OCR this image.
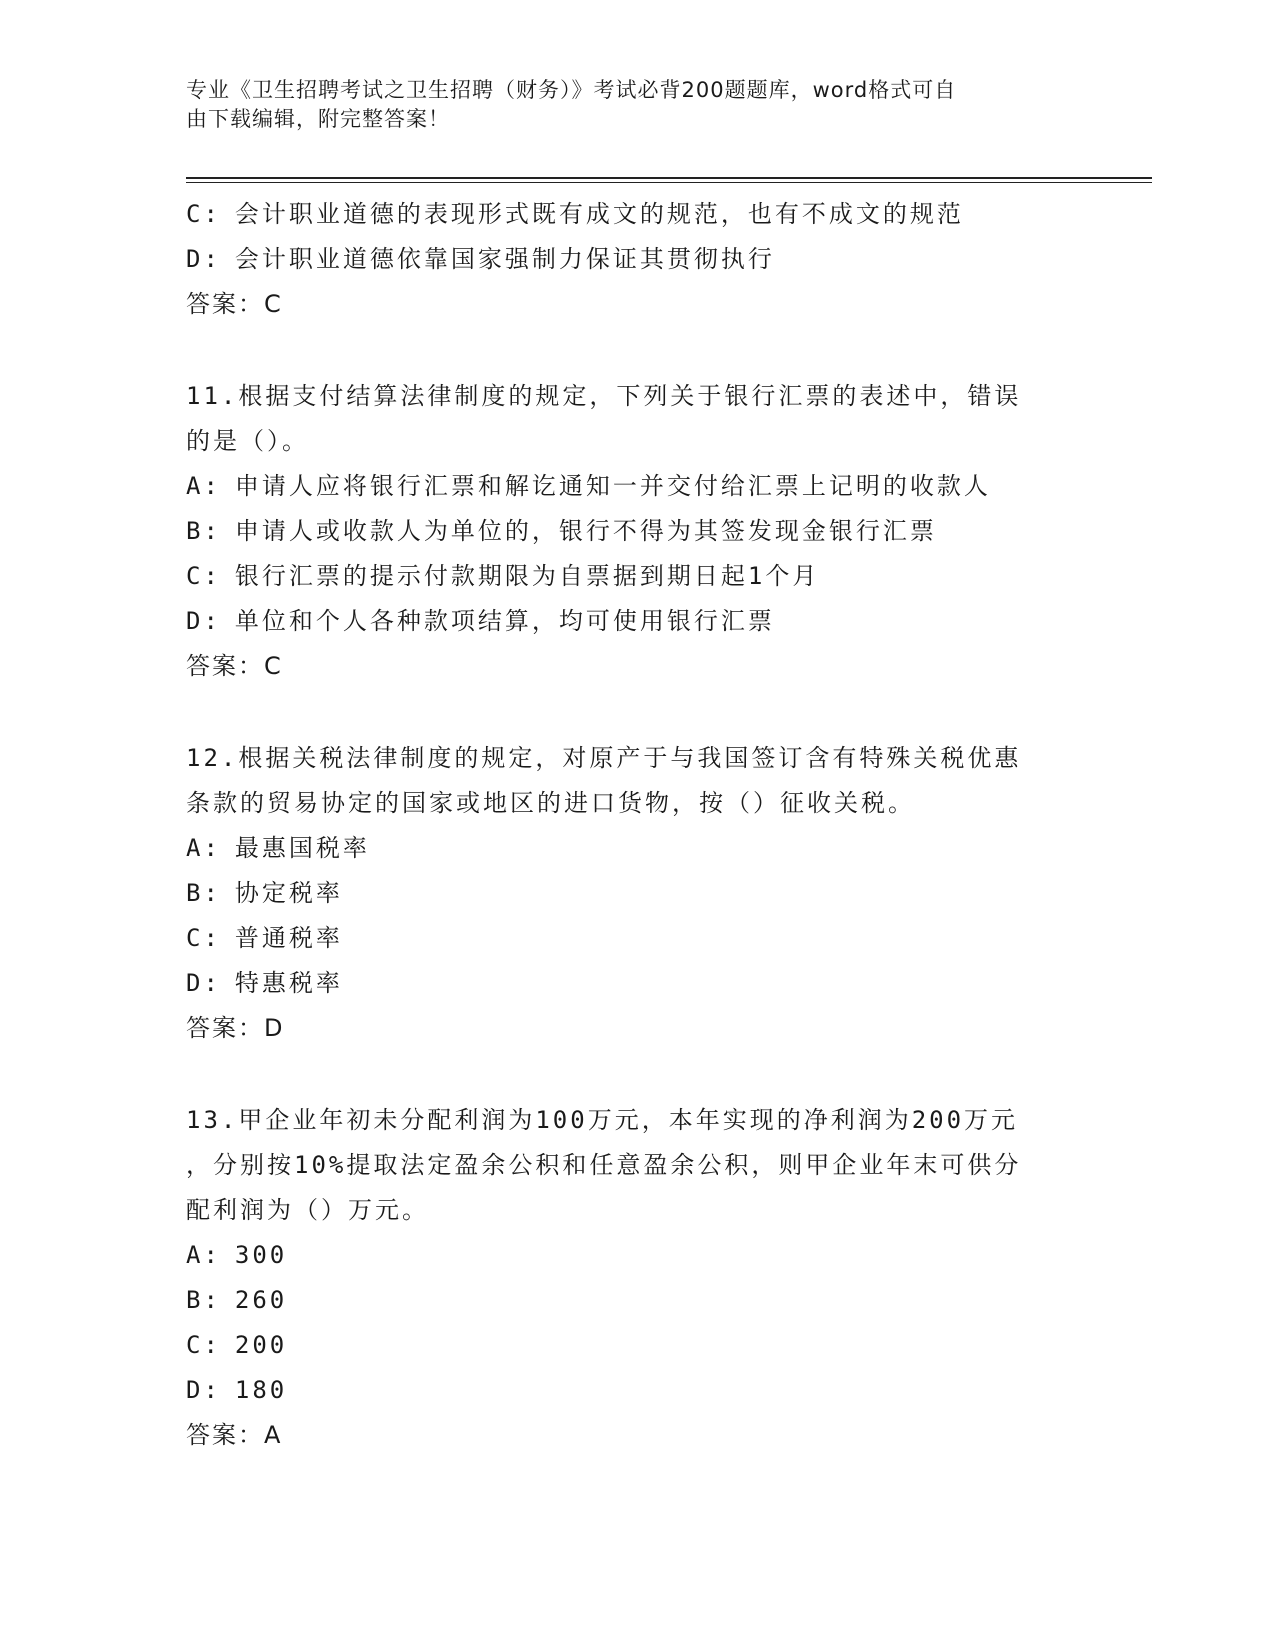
专业《卫生招聘考试之卫生招聘（财务）》考试必背200题题库，word格式可自
由下载编辑，附完整答案！
C: 会计职业道德的表现形式既有成文的规范，也有不成文的规范
D: 会计职业道德依靠国家强制力保证其贯彻执行
答案：C
11.根据支付结算法律制度的规定，下列关于银行汇票的表述中，错误
的是（）。
A: 申请人应将银行汇票和解讫通知一并交付给汇票上记明的收款人
B: 申请人或收款人为单位的，银行不得为其签发现金银行汇票
C: 银行汇票的提示付款期限为自票据到期日起1个月
D: 单位和个人各种款项结算，均可使用银行汇票
答案：C
12.根据关税法律制度的规定，对原产于与我国签订含有特殊关税优惠
条款的贸易协定的国家或地区的进口货物，按（）征收关税。
A: 最惠国税率
B: 协定税率
C: 普通税率
D: 特惠税率
答案：D
13.甲企业年初未分配利润为100万元，本年实现的净利润为200万元
，分别按10%提取法定盈余公积和任意盈余公积，则甲企业年末可供分
配利润为（）万元。
A: 300
B: 260
C: 200
D: 180
答案：A
